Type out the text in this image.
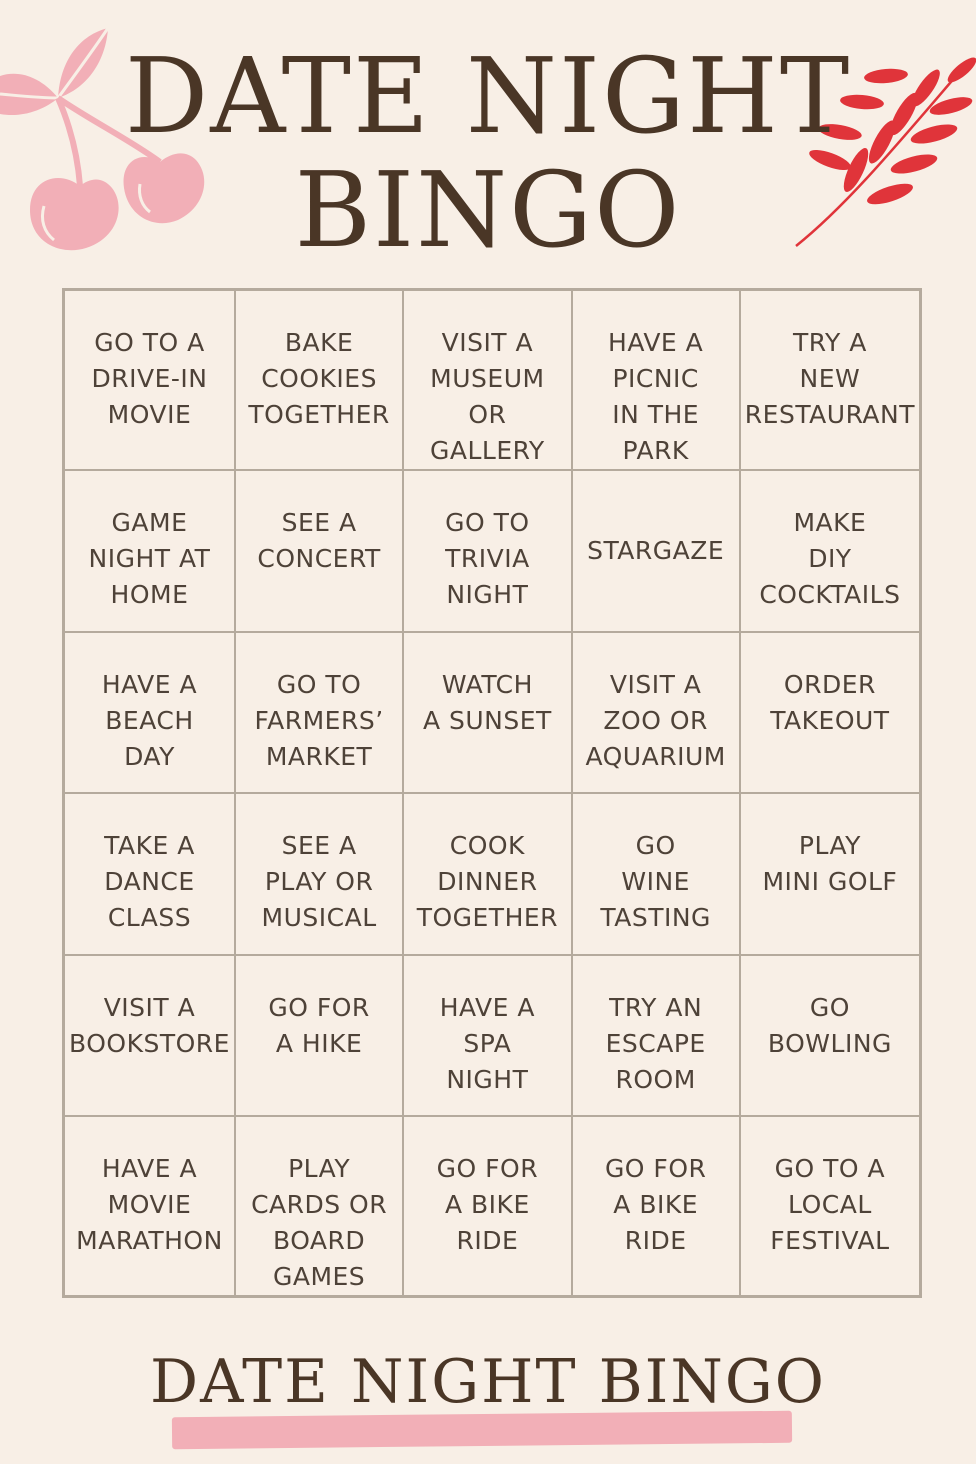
DATE NIGHT
BINGO
GO TO A
DRIVE-IN
MOVIE
BAKE
COOKIES
TOGETHER
VISIT A
MUSEUM
OR
GALLERY
HAVE A
PICNIC
IN THE PARK
TRY A
NEW
RESTAURANT
GAME
NIGHT AT
HOME
SEE A
CONCERT
GO TO
TRIVIA
NIGHT
STARGAZE
MAKE
DIY
COCKTAILS
HAVE A
BEACH
DAY
GO TO
FARMERS’
MARKET
WATCH
A SUNSET
VISIT A
ZOO OR
AQUARIUM
ORDER
TAKEOUT
TAKE A
DANCE
CLASS
SEE A
PLAY OR
MUSICAL
COOK
DINNER
TOGETHER
GO
WINE
TASTING
PLAY
MINI GOLF
VISIT A
BOOKSTORE
GO FOR
A HIKE
HAVE A
SPA
NIGHT
TRY AN
ESCAPE
ROOM
GO
BOWLING
HAVE A
MOVIE
MARATHON
PLAY
CARDS OR
BOARD
GAMES
GO FOR
A BIKE
RIDE
GO FOR
A BIKE
RIDE
GO TO A
LOCAL
FESTIVAL
DATE NIGHT BINGO
